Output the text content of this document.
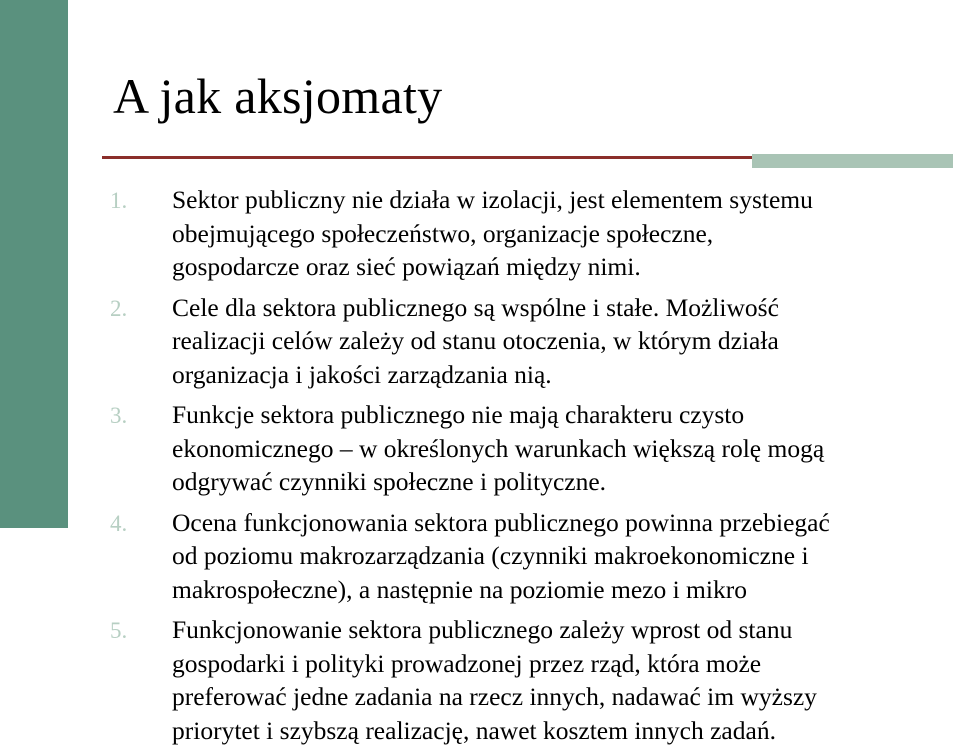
A jak aksjomaty
1. Sektor publiczny nie działa w izolacji, jest elementem systemu
obejmującego społeczeństwo, organizacje społeczne,
gospodarcze oraz sieć powiązań między nimi.
2. Cele dla sektora publicznego są wspólne i stałe. Możliwość
realizacji celów zależy od stanu otoczenia, w którym działa
organizacja i jakości zarządzania nią.
3. Funkcje sektora publicznego nie mają charakteru czysto
ekonomicznego – w określonych warunkach większą rolę mogą
odgrywać czynniki społeczne i polityczne.
4. Ocena funkcjonowania sektora publicznego powinna przebiegać
od poziomu makrozarządzania (czynniki makroekonomiczne i
makrospołeczne), a następnie na poziomie mezo i mikro
5. Funkcjonowanie sektora publicznego zależy wprost od stanu
gospodarki i polityki prowadzonej przez rząd, która może
preferować jedne zadania na rzecz innych, nadawać im wyższy
priorytet i szybszą realizację, nawet kosztem innych zadań.
